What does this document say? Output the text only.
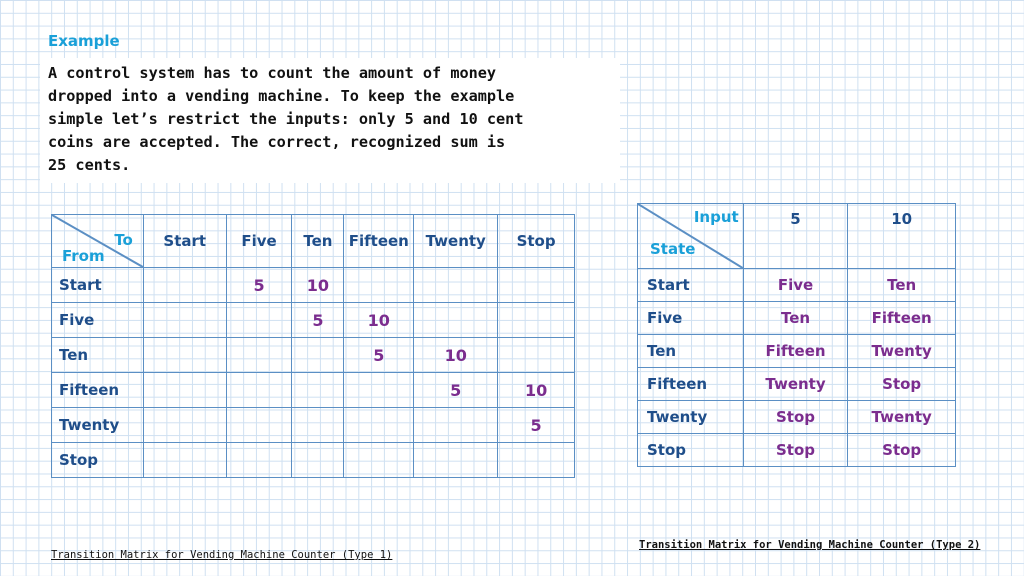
Example
A control system has to count the amount of money
dropped into a vending machine. To keep the example
simple let’s restrict the inputs: only 5 and 10 cent
coins are accepted. The correct, recognized sum is
25 cents.
To
From	Start	Five	Ten	Fifteen	Twenty	Stop
Start		5	10			
Five			5	10		
Ten				5	10	
Fifteen					5	10
Twenty						5
Stop						
Input
State	5	10
Start	Five	Ten
Five	Ten	Fifteen
Ten	Fifteen	Twenty
Fifteen	Twenty	Stop
Twenty	Stop	Twenty
Stop	Stop	Stop
Transition Matrix for Vending Machine Counter (Type 2)
Transition Matrix for Vending Machine Counter (Type 1)
